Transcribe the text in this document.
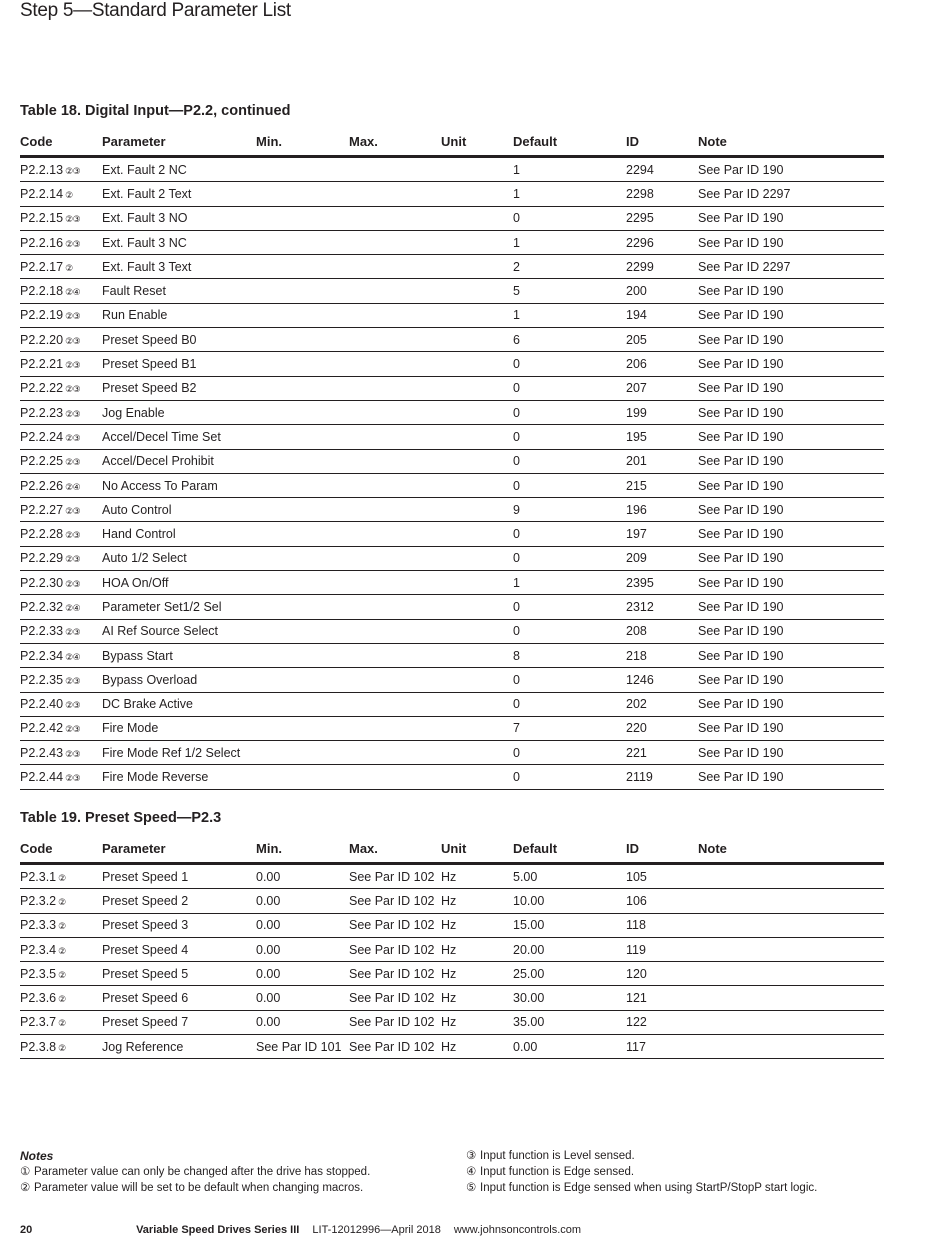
Step 5—Standard Parameter List
Table 18. Digital Input—P2.2, continued
Code	Parameter	Min.	Max.	Unit	Default	ID	Note
P2.2.13 ②③	Ext. Fault 2 NC				1	2294	See Par ID 190
P2.2.14 ②	Ext. Fault 2 Text				1	2298	See Par ID 2297
P2.2.15 ②③	Ext. Fault 3 NO				0	2295	See Par ID 190
P2.2.16 ②③	Ext. Fault 3 NC				1	2296	See Par ID 190
P2.2.17 ②	Ext. Fault 3 Text				2	2299	See Par ID 2297
P2.2.18 ②④	Fault Reset				5	200	See Par ID 190
P2.2.19 ②③	Run Enable				1	194	See Par ID 190
P2.2.20 ②③	Preset Speed B0				6	205	See Par ID 190
P2.2.21 ②③	Preset Speed B1				0	206	See Par ID 190
P2.2.22 ②③	Preset Speed B2				0	207	See Par ID 190
P2.2.23 ②③	Jog Enable				0	199	See Par ID 190
P2.2.24 ②③	Accel/Decel Time Set				0	195	See Par ID 190
P2.2.25 ②③	Accel/Decel Prohibit				0	201	See Par ID 190
P2.2.26 ②④	No Access To Param				0	215	See Par ID 190
P2.2.27 ②③	Auto Control				9	196	See Par ID 190
P2.2.28 ②③	Hand Control				0	197	See Par ID 190
P2.2.29 ②③	Auto 1/2 Select				0	209	See Par ID 190
P2.2.30 ②③	HOA On/Off				1	2395	See Par ID 190
P2.2.32 ②④	Parameter Set1/2 Sel				0	2312	See Par ID 190
P2.2.33 ②③	AI Ref Source Select				0	208	See Par ID 190
P2.2.34 ②④	Bypass Start				8	218	See Par ID 190
P2.2.35 ②③	Bypass Overload				0	1246	See Par ID 190
P2.2.40 ②③	DC Brake Active				0	202	See Par ID 190
P2.2.42 ②③	Fire Mode				7	220	See Par ID 190
P2.2.43 ②③	Fire Mode Ref 1/2 Select				0	221	See Par ID 190
P2.2.44 ②③	Fire Mode Reverse				0	2119	See Par ID 190
Table 19. Preset Speed—P2.3
Code	Parameter	Min.	Max.	Unit	Default	ID	Note
P2.3.1 ②	Preset Speed 1	0.00	See Par ID 102	Hz	5.00	105	
P2.3.2 ②	Preset Speed 2	0.00	See Par ID 102	Hz	10.00	106	
P2.3.3 ②	Preset Speed 3	0.00	See Par ID 102	Hz	15.00	118	
P2.3.4 ②	Preset Speed 4	0.00	See Par ID 102	Hz	20.00	119	
P2.3.5 ②	Preset Speed 5	0.00	See Par ID 102	Hz	25.00	120	
P2.3.6 ②	Preset Speed 6	0.00	See Par ID 102	Hz	30.00	121	
P2.3.7 ②	Preset Speed 7	0.00	See Par ID 102	Hz	35.00	122	
P2.3.8 ②	Jog Reference	See Par ID 101	See Par ID 102	Hz	0.00	117	
Notes
① Parameter value can only be changed after the drive has stopped.
② Parameter value will be set to be default when changing macros.
③ Input function is Level sensed.
④ Input function is Edge sensed.
⑤ Input function is Edge sensed when using StartP/StopP start logic.
20	Variable Speed Drives Series III LIT-12012996—April 2018 www.johnsoncontrols.com
